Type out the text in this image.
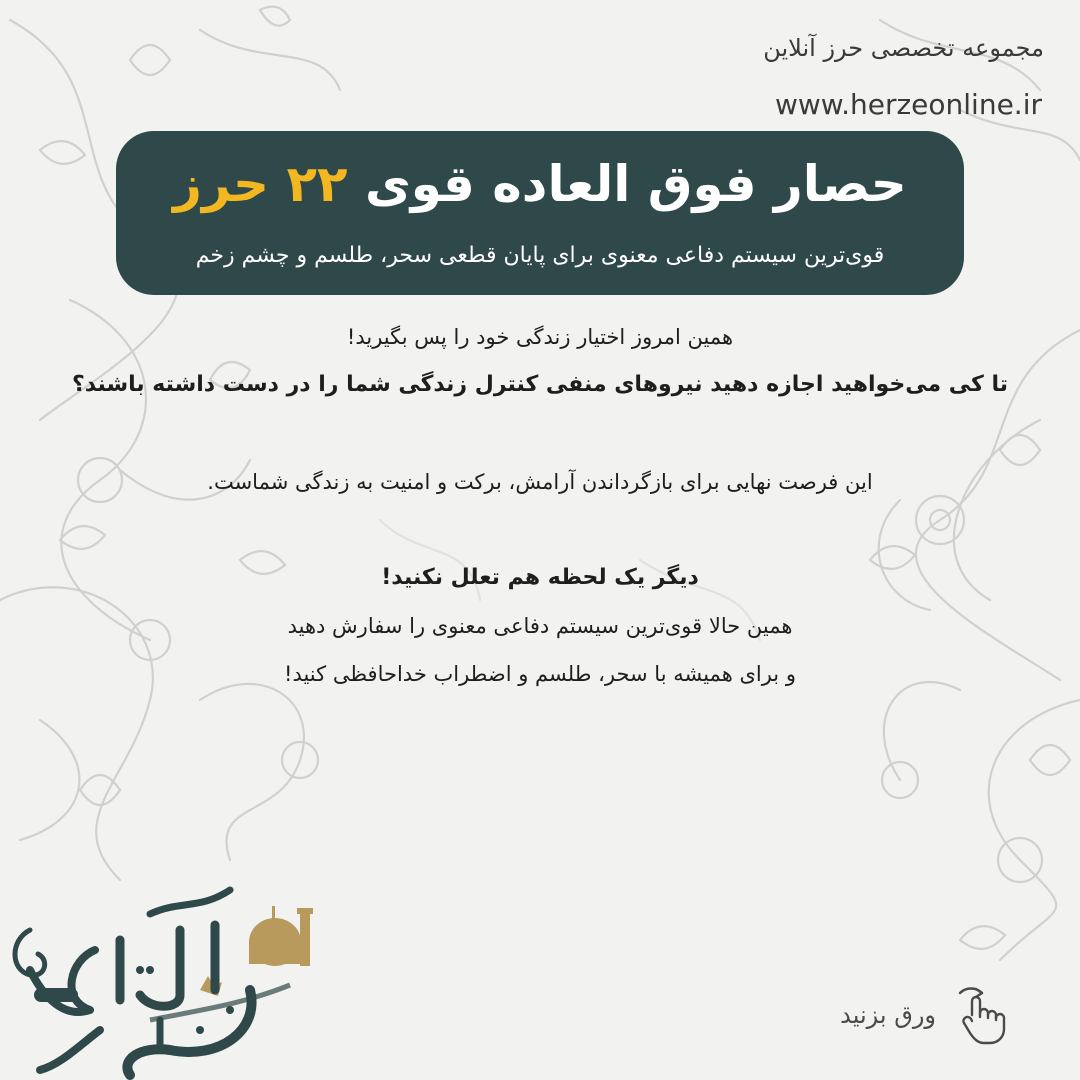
مجموعه تخصصی حرز آنلاین
www.herzeonline.ir
حصار فوق العاده قوی ۲۲ حرز
قوی‌ترین سیستم دفاعی معنوی برای پایان قطعی سحر، طلسم و چشم زخم
همین امروز اختیار زندگی خود را پس بگیرید!
تا کی می‌خواهید اجازه دهید نیروهای منفی کنترل زندگی شما را در دست داشته باشند؟
این فرصت نهایی برای بازگرداندن آرامش، برکت و امنیت به زندگی شماست.
دیگر یک لحظه هم تعلل نکنید!
همین حالا قوی‌ترین سیستم دفاعی معنوی را سفارش دهید
و برای همیشه با سحر، طلسم و اضطراب خداحافظی کنید!
ورق بزنید
